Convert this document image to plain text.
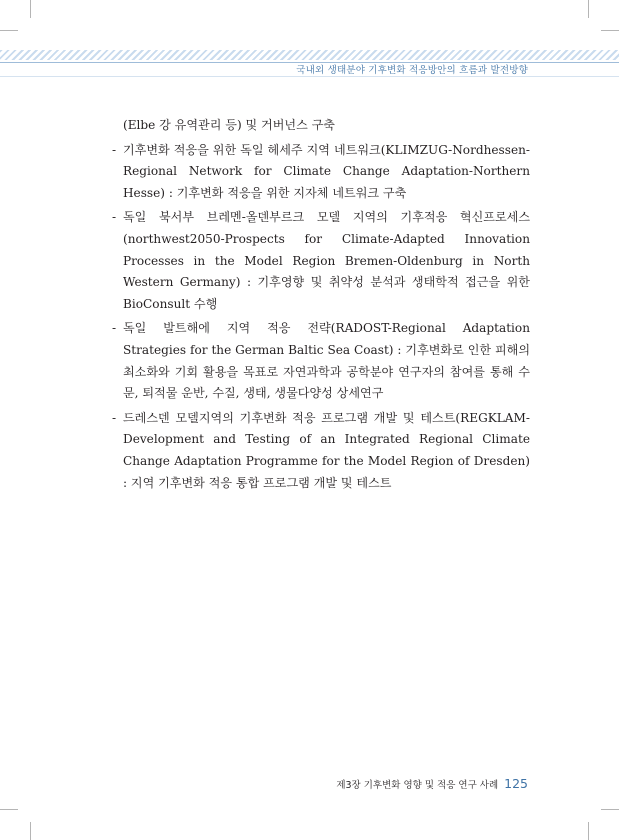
국내외 생태분야 기후변화 적응방안의 흐름과 발전방향

(Elbe 강 유역관리 등) 및 거버넌스 구축

- 기후변화 적응을 위한 독일 헤세주 지역 네트워크(KLIMZUG-Nordhessen-Regional Network for Climate Change Adaptation-Northern Hesse) : 기후변화 적응을 위한 지자체 네트워크 구축
- 독일 북서부 브레멘-올덴부르크 모델 지역의 기후적응 혁신프로세스(northwest2050-Prospects for Climate-Adapted Innovation Processes in the Model Region Bremen-Oldenburg in North Western Germany) : 기후영향 및 취약성 분석과 생태학적 접근을 위한 BioConsult 수행
- 독일 발트해에 지역 적응 전략(RADOST-Regional Adaptation Strategies for the German Baltic Sea Coast) : 기후변화로 인한 피해의 최소화와 기회 활용을 목표로 자연과학과 공학분야 연구자의 참여를 통해 수문, 퇴적물 운반, 수질, 생태, 생물다양성 상세연구
- 드레스덴 모델지역의 기후변화 적응 프로그램 개발 및 테스트(REGKLAM-Development and Testing of an Integrated Regional Climate Change Adaptation Programme for the Model Region of Dresden) : 지역 기후변화 적응 통합 프로그램 개발 및 테스트
제3장 기후변화 영향 및 적응 연구 사례 125
